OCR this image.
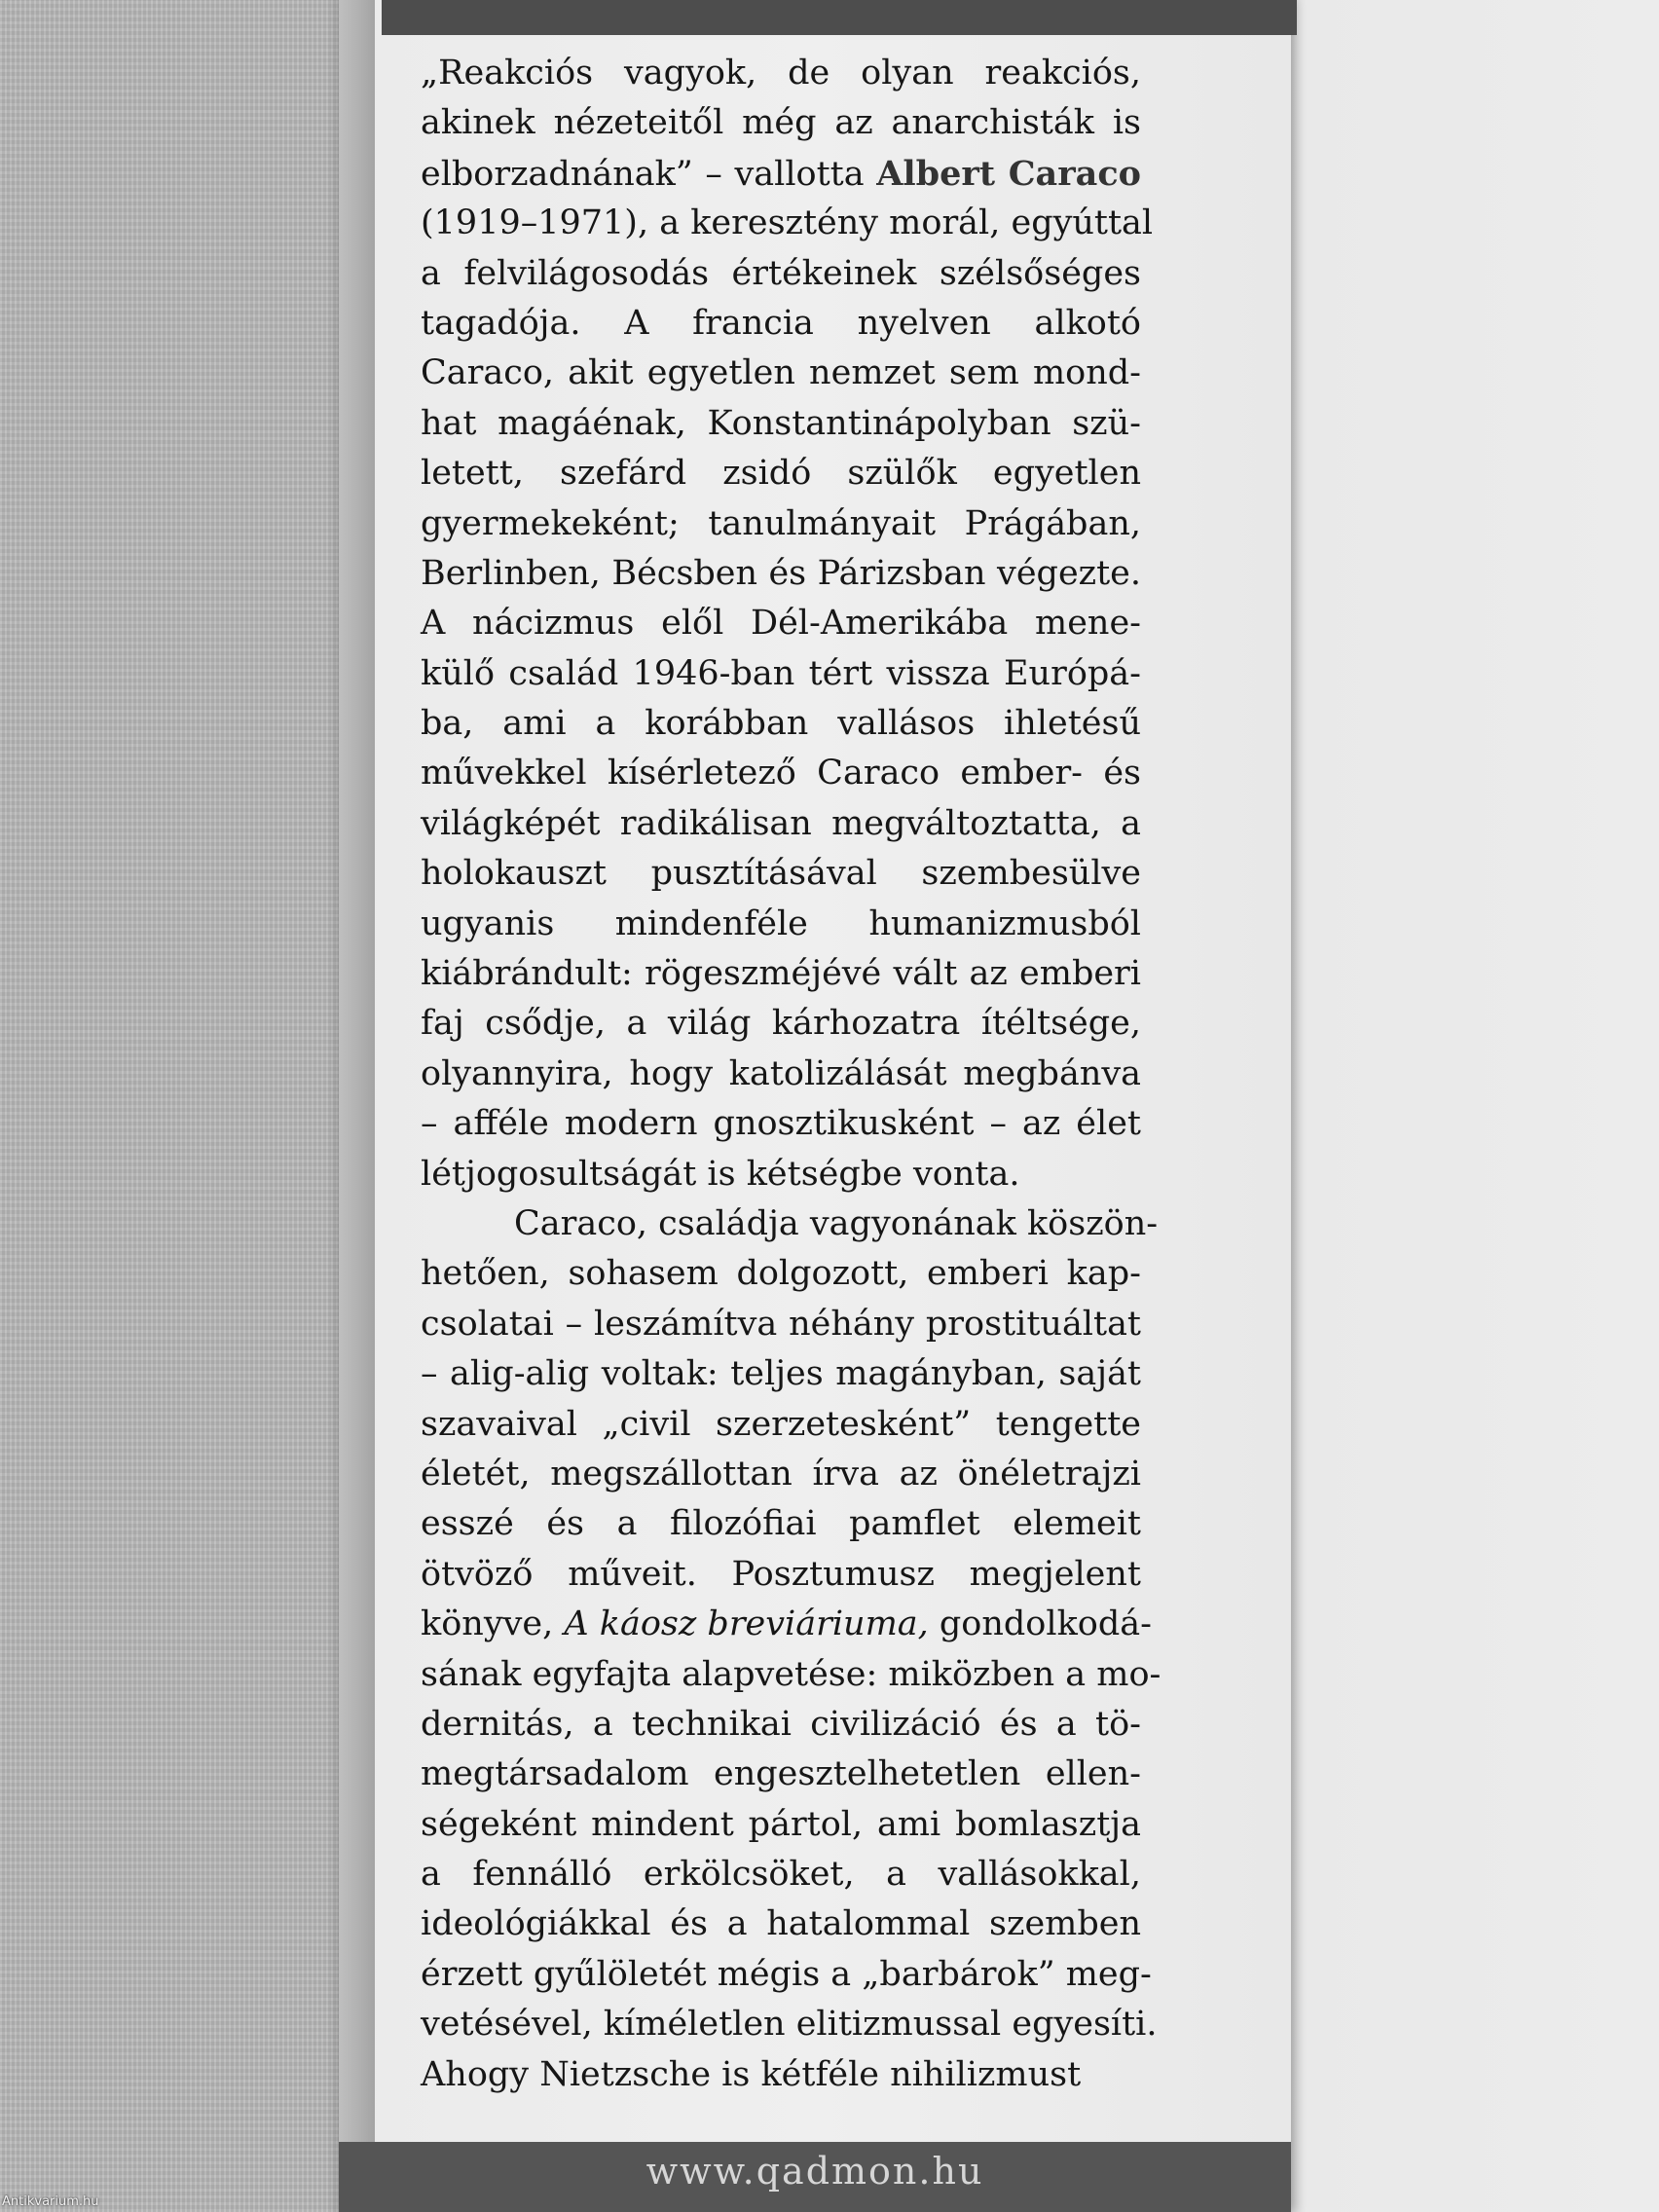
„Reakciós vagyok, de olyan reakciós,
akinek nézeteitől még az anarchisták is
elborzadnának” – vallotta Albert Caraco
(1919–1971), a keresztény morál, egyúttal
a felvilágosodás értékeinek szélsőséges
tagadója. A francia nyelven alkotó
Caraco, akit egyetlen nemzet sem mond-
hat magáénak, Konstantinápolyban szü-
letett, szefárd zsidó szülők egyetlen
gyermekeként; tanulmányait Prágában,
Berlinben, Bécsben és Párizsban végezte.
A nácizmus elől Dél-Amerikába mene-
külő család 1946-ban tért vissza Európá-
ba, ami a korábban vallásos ihletésű
művekkel kísérletező Caraco ember- és
világképét radikálisan megváltoztatta, a
holokauszt pusztításával szembesülve
ugyanis mindenféle humanizmusból
kiábrándult: rögeszméjévé vált az emberi
faj csődje, a világ kárhozatra ítéltsége,
olyannyira, hogy katolizálását megbánva
– afféle modern gnosztikusként – az élet
létjogosultságát is kétségbe vonta.
Caraco, családja vagyonának köszön-
hetően, sohasem dolgozott, emberi kap-
csolatai – leszámítva néhány prostituáltat
– alig-alig voltak: teljes magányban, saját
szavaival „civil szerzetesként” tengette
életét, megszállottan írva az önéletrajzi
esszé és a filozófiai pamflet elemeit
ötvöző műveit. Posztumusz megjelent
könyve, A káosz breviáriuma, gondolkodá-
sának egyfajta alapvetése: miközben a mo-
dernitás, a technikai civilizáció és a tö-
megtársadalom engesztelhetetlen ellen-
ségeként mindent pártol, ami bomlasztja
a fennálló erkölcsöket, a vallásokkal,
ideológiákkal és a hatalommal szemben
érzett gyűlöletét mégis a „barbárok” meg-
vetésével, kíméletlen elitizmussal egyesíti.
Ahogy Nietzsche is kétféle nihilizmust
www.qadmon.hu
Antikvarium.hu
